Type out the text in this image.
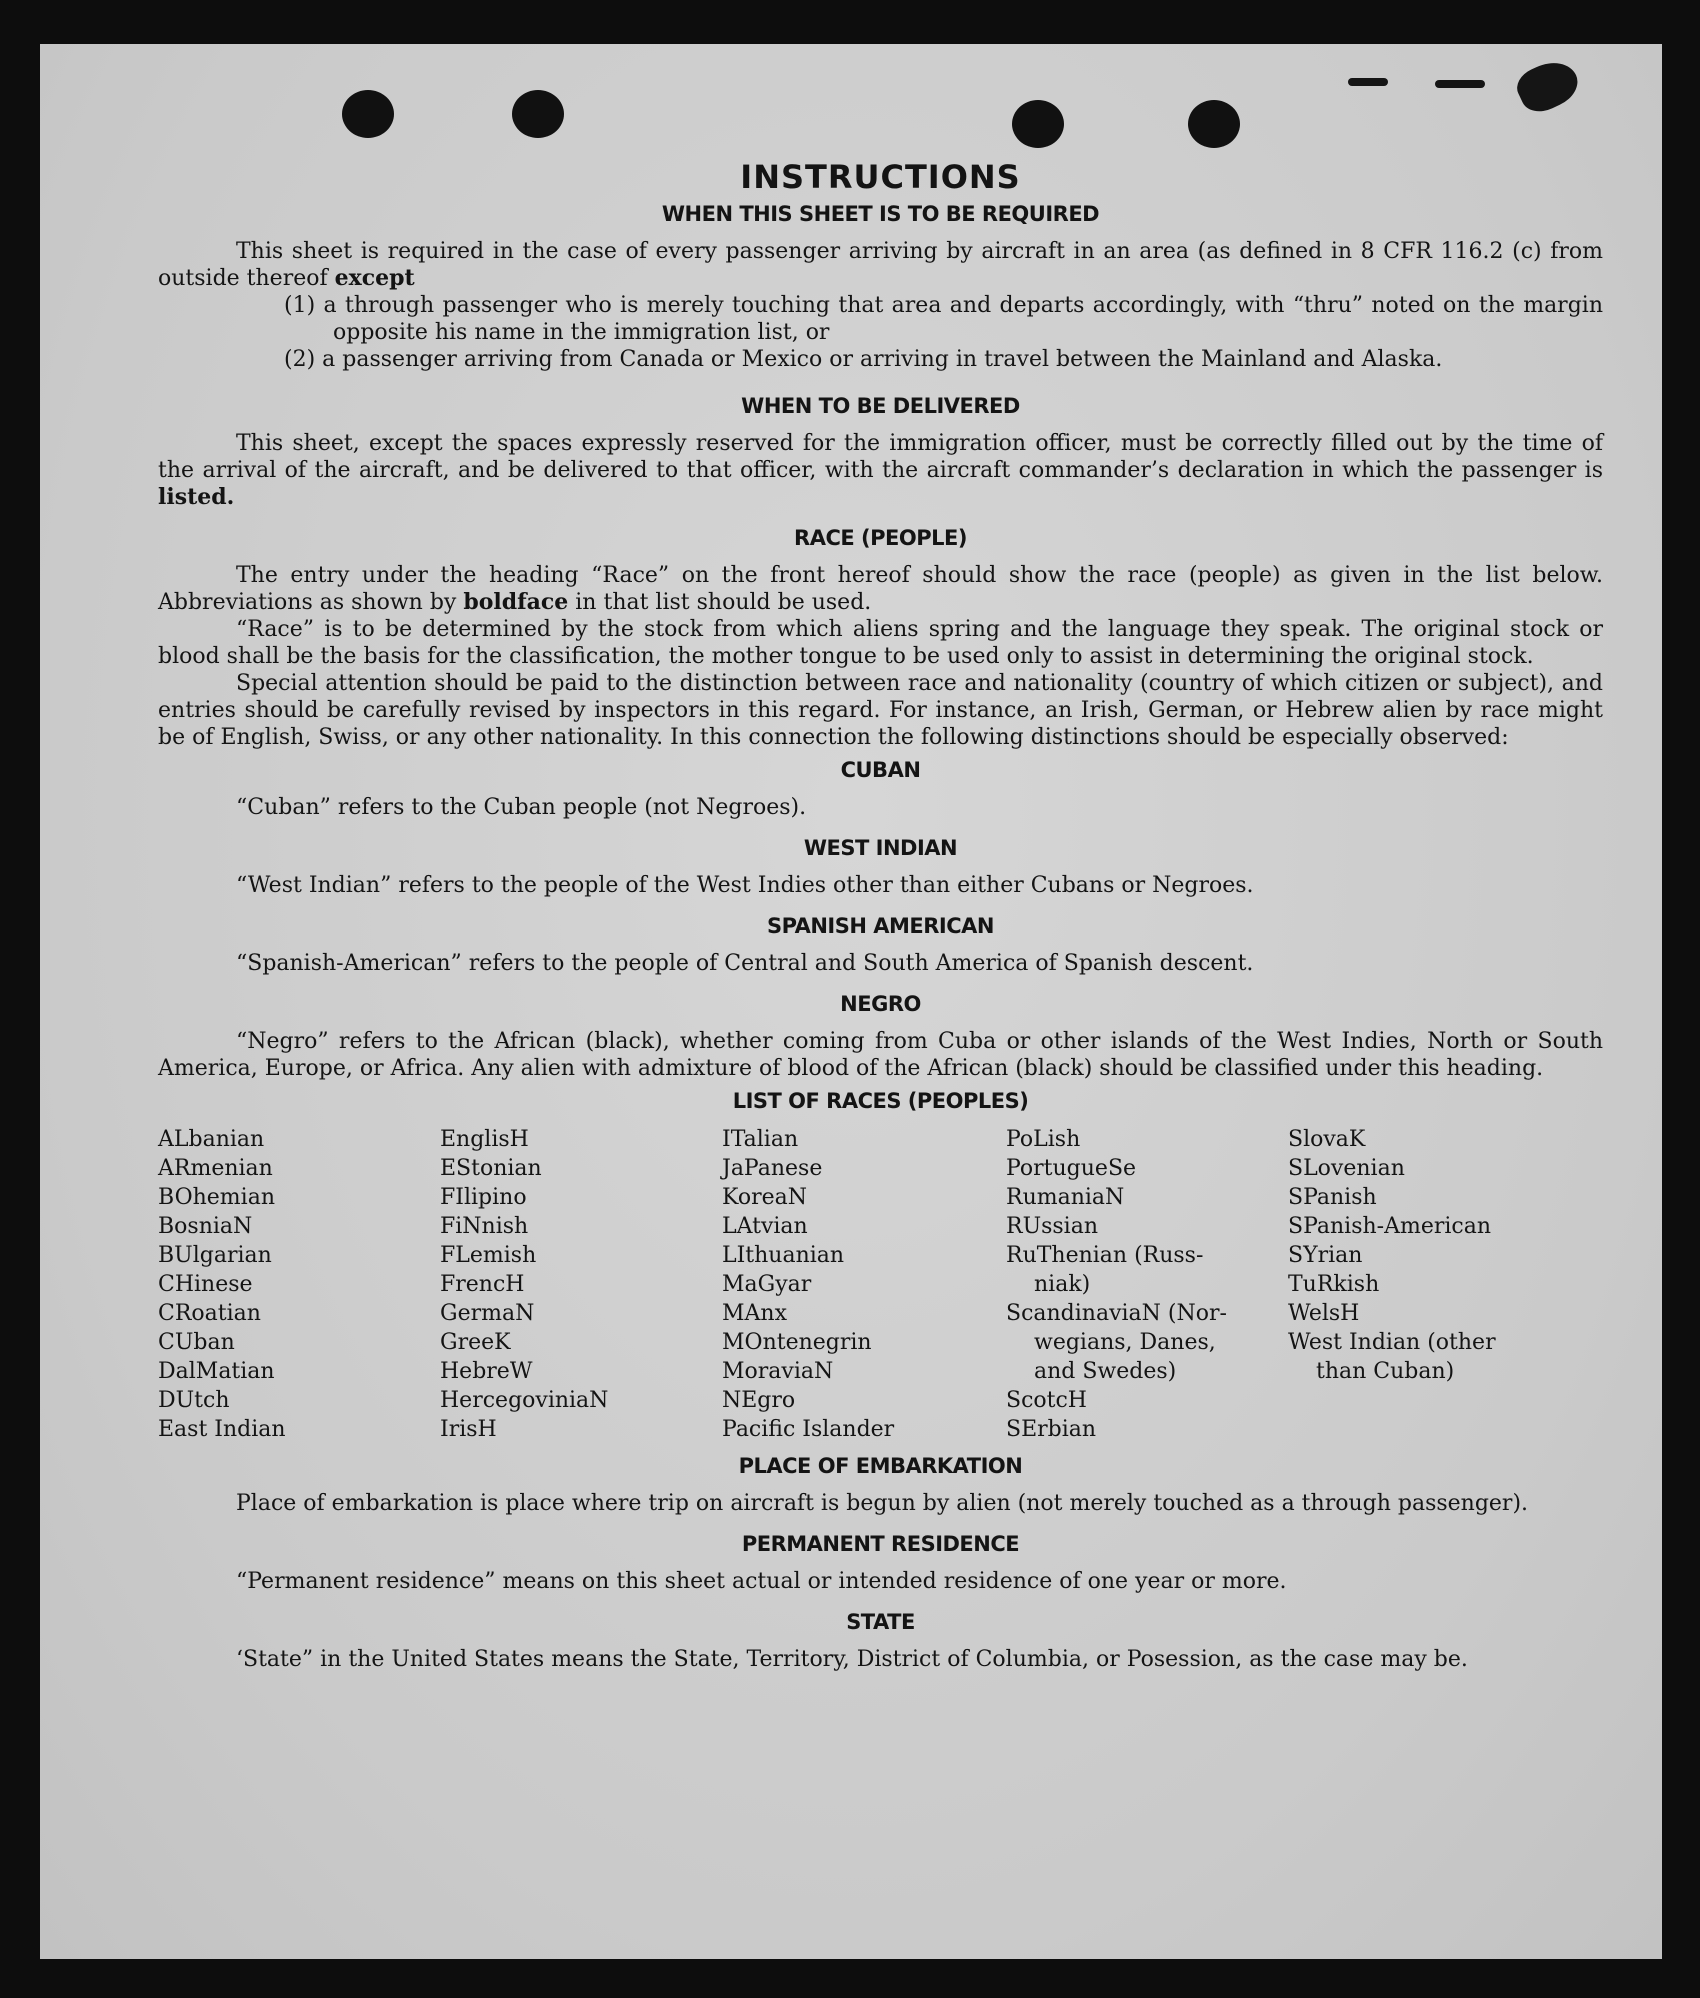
INSTRUCTIONS
WHEN THIS SHEET IS TO BE REQUIRED

This sheet is required in the case of every passenger arriving by aircraft in an area (as defined in 8 CFR 116.2 (c) from outside thereof except

(1) a through passenger who is merely touching that area and departs accordingly, with “thru” noted on the margin opposite his name in the immigration list, or

(2) a passenger arriving from Canada or Mexico or arriving in travel between the Mainland and Alaska.

WHEN TO BE DELIVERED

This sheet, except the spaces expressly reserved for the immigration officer, must be correctly filled out by the time of the arrival of the aircraft, and be delivered to that officer, with the aircraft commander’s declaration in which the passenger is listed.

RACE (PEOPLE)

The entry under the heading “Race” on the front hereof should show the race (people) as given in the list below. Abbreviations as shown by boldface in that list should be used.

“Race” is to be determined by the stock from which aliens spring and the language they speak. The original stock or blood shall be the basis for the classification, the mother tongue to be used only to assist in determining the original stock.

Special attention should be paid to the distinction between race and nationality (country of which citizen or subject), and entries should be carefully revised by inspectors in this regard. For instance, an Irish, German, or Hebrew alien by race might be of English, Swiss, or any other nationality. In this connection the following distinctions should be especially observed:

CUBAN

“Cuban” refers to the Cuban people (not Negroes).

WEST INDIAN

“West Indian” refers to the people of the West Indies other than either Cubans or Negroes.

SPANISH AMERICAN

“Spanish-American” refers to the people of Central and South America of Spanish descent.

NEGRO

“Negro” refers to the African (black), whether coming from Cuba or other islands of the West Indies, North or South America, Europe, or Africa. Any alien with admixture of blood of the African (black) should be classified under this heading.

LIST OF RACES (PEOPLES)
ALbanian
ARmenian
BOhemian
BosniaN
BUlgarian
CHinese
CRoatian
CUban
DalMatian
DUtch
East Indian
EnglisH
EStonian
FIlipino
FiNnish
FLemish
FrencH
GermaN
GreeK
HebreW
HercegoviniaN
IrisH
ITalian
JaPanese
KoreaN
LAtvian
LIthuanian
MaGyar
MAnx
MOntenegrin
MoraviaN
NEgro
Pacific Islander
PoLish
PortugueSe
RumaniaN
RUssian
RuThenian (Russ-
niak)
ScandinaviaN (Nor-
wegians, Danes,
and Swedes)
ScotcH
SErbian
SlovaK
SLovenian
SPanish
SPanish-American
SYrian
TuRkish
WelsH
West Indian (other
than Cuban)
PLACE OF EMBARKATION

Place of embarkation is place where trip on aircraft is begun by alien (not merely touched as a through passenger).

PERMANENT RESIDENCE

“Permanent residence” means on this sheet actual or intended residence of one year or more.

STATE

‘State” in the United States means the State, Territory, District of Columbia, or Posession, as the case may be.
